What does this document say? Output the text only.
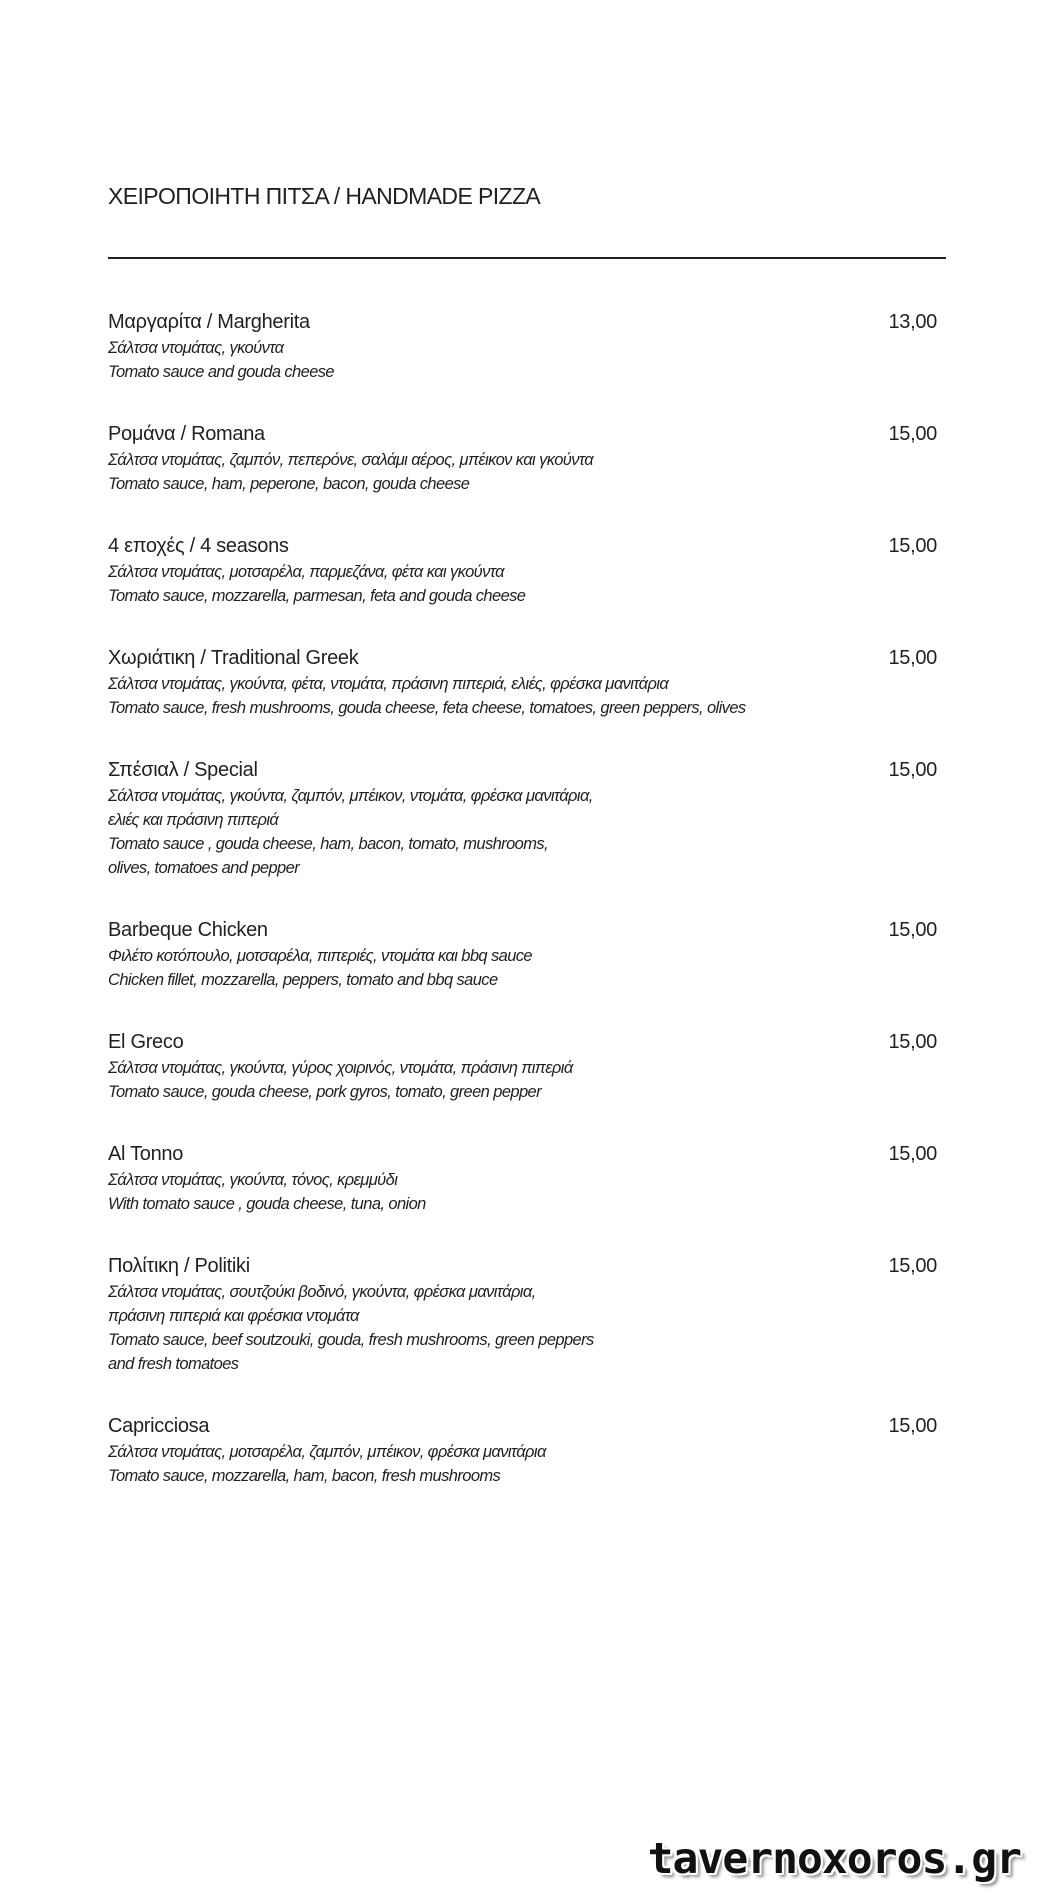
ΧΕΙΡΟΠΟΙΗΤΗ ΠΙΤΣΑ / HANDMADE PIZZA
Μαργαρίτα / Margherita	13,00
Σάλτσα ντομάτας, γκούντα
Tomato sauce and gouda cheese
Ρομάνα / Romana	15,00
Σάλτσα ντομάτας, ζαμπόν, πεπερόνε, σαλάμι αέρος, μπέικον και γκούντα
Tomato sauce, ham, peperone, bacon, gouda cheese
4 εποχές / 4 seasons	15,00
Σάλτσα ντομάτας, μοτσαρέλα, παρμεζάνα, φέτα και γκούντα
Tomato sauce, mozzarella, parmesan, feta and gouda cheese
Χωριάτικη / Traditional Greek	15,00
Σάλτσα ντομάτας, γκούντα, φέτα, ντομάτα, πράσινη πιπεριά, ελιές, φρέσκα μανιτάρια
Tomato sauce, fresh mushrooms, gouda cheese, feta cheese, tomatoes, green peppers, olives
Σπέσιαλ / Special	15,00
Σάλτσα ντομάτας, γκούντα, ζαμπόν, μπέικον, ντομάτα, φρέσκα μανιτάρια,
ελιές και πράσινη πιπεριά
Tomato sauce , gouda cheese, ham, bacon, tomato, mushrooms,
olives, tomatoes and pepper
Barbeque Chicken	15,00
Φιλέτο κοτόπουλο, μοτσαρέλα, πιπεριές, ντομάτα και bbq sauce
Chicken fillet, mozzarella, peppers, tomato and bbq sauce
El Greco	15,00
Σάλτσα ντομάτας, γκούντα, γύρος χοιρινός, ντομάτα, πράσινη πιπεριά
Tomato sauce, gouda cheese, pork gyros, tomato, green pepper
Al Tonno	15,00
Σάλτσα ντομάτας, γκούντα, τόνος, κρεμμύδι
With tomato sauce , gouda cheese, tuna, onion
Πολίτικη / Politiki	15,00
Σάλτσα ντομάτας, σουτζούκι βοδινό, γκούντα, φρέσκα μανιτάρια,
πράσινη πιπεριά και φρέσκια ντομάτα
Tomato sauce, beef soutzouki, gouda, fresh mushrooms, green peppers
and fresh tomatoes
Capricciosa	15,00
Σάλτσα ντομάτας, μοτσαρέλα, ζαμπόν, μπέικον, φρέσκα μανιτάρια
Tomato sauce, mozzarella, ham, bacon, fresh mushrooms
tavernoxoros.gr
